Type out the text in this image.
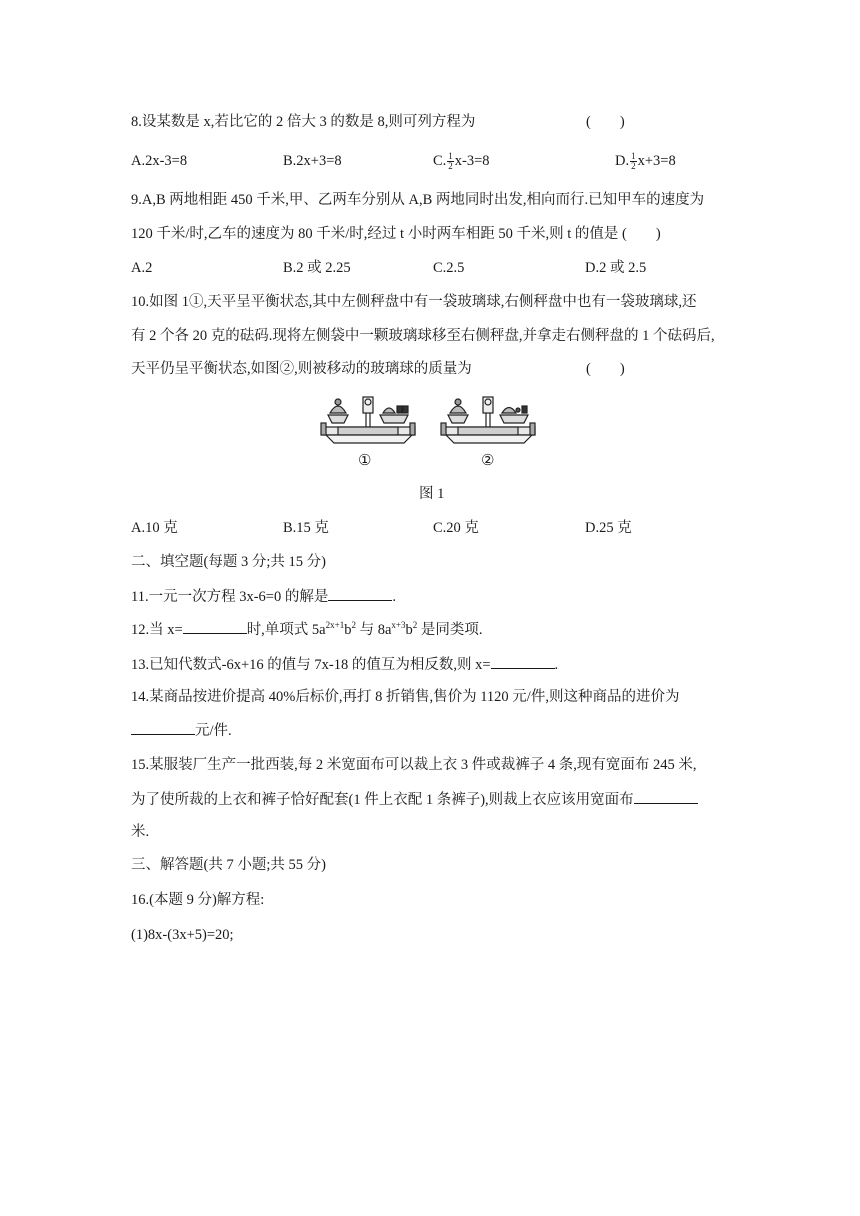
8.设某数是 x,若比它的 2 倍大 3 的数是 8,则可列方程为	(　　)
A.2x-3=8	B.2x+3=8	C. $\frac{1}{2} x-3=8$	D. $\frac{1}{2} x+3=8$
9.A,B 两地相距 450 千米,甲、乙两车分别从 A,B 两地同时出发,相向而行.已知甲车的速度为
120 千米/时,乙车的速度为 80 千米/时,经过 t 小时两车相距 50 千米,则 t 的值是 (　　)
A.2	B.2 或 2.25	C.2.5	D.2 或 2.5
10.如图 1①,天平呈平衡状态,其中左侧秤盘中有一袋玻璃球,右侧秤盘中也有一袋玻璃球,还
有 2 个各 20 克的砝码.现将左侧袋中一颗玻璃球移至右侧秤盘,并拿走右侧秤盘的 1 个砝码后,
天平仍呈平衡状态,如图②,则被移动的玻璃球的质量为	(　　)
①	②
图 1
A.10 克	B.15 克	C.20 克	D.25 克
二、填空题(每题 3 分;共 15 分)
11.一元一次方程 3x-6=0 的解是	.
12.当 x=	时,单项式 $5a^{2x+1}b^2$ 与 $8a^{x+3}b^2$ 是同类项.
13.已知代数式-6x+16 的值与 7x-18 的值互为相反数,则 x=	.
14.某商品按进价提高 40%后标价,再打 8 折销售,售价为 1120 元/件,则这种商品的进价为
元/件.
15.某服装厂生产一批西装,每 2 米宽面布可以裁上衣 3 件或裁裤子 4 条,现有宽面布 245 米,
为了使所裁的上衣和裤子恰好配套(1 件上衣配 1 条裤子),则裁上衣应该用宽面布
米.
三、解答题(共 7 小题;共 55 分)
16.(本题 9 分)解方程:
(1)8x-(3x+5)=20;
